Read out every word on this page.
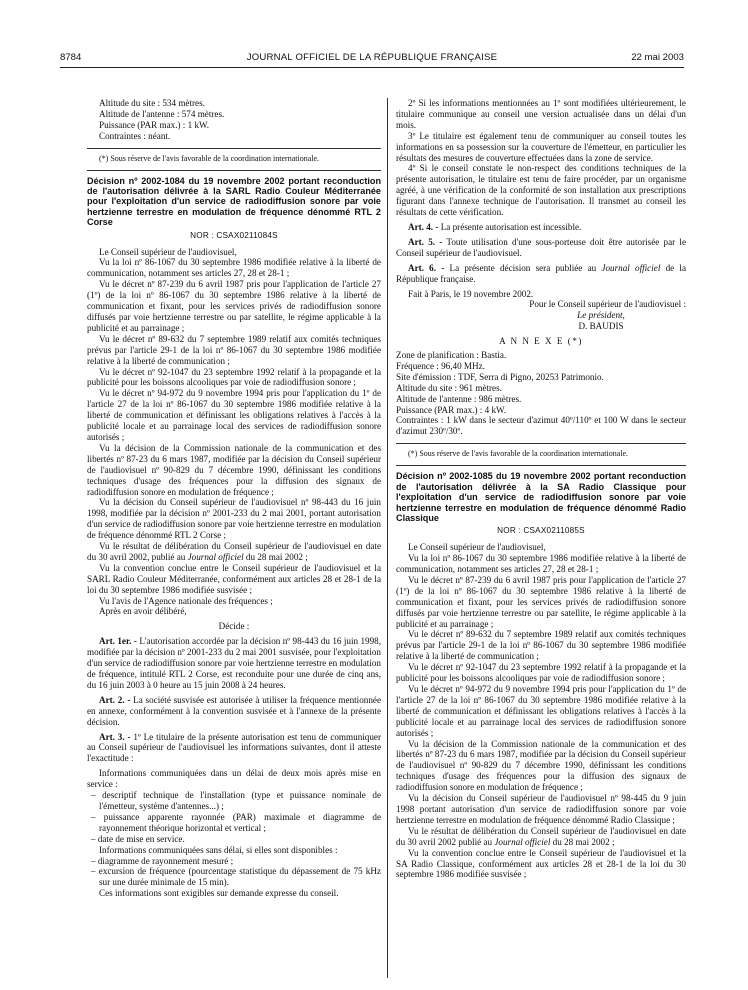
8784	JOURNAL OFFICIEL DE LA RÉPUBLIQUE FRANÇAISE	22 mai 2003

Altitude du site : 534 mètres.

Altitude de l'antenne : 574 mètres.

Puissance (PAR max.) : 1 kW.

Contraintes : néant.

(*) Sous réserve de l'avis favorable de la coordination internationale.

Décision nº 2002-1084 du 19 novembre 2002 portant reconduction de l'autorisation délivrée à la SARL Radio Couleur Méditerranée pour l'exploitation d'un service de radiodiffusion sonore par voie hertzienne terrestre en modulation de fréquence dénommé RTL 2 Corse

NOR : CSAX0211084S

Le Conseil supérieur de l'audiovisuel,

Vu la loi nº 86-1067 du 30 septembre 1986 modifiée relative à la liberté de communication, notamment ses articles 27, 28 et 28-1 ;

Vu le décret nº 87-239 du 6 avril 1987 pris pour l'application de l'article 27 (1º) de la loi nº 86-1067 du 30 septembre 1986 relative à la liberté de communication et fixant, pour les services privés de radiodiffusion sonore diffusés par voie hertzienne terrestre ou par satellite, le régime applicable à la publicité et au parrainage ;

Vu le décret nº 89-632 du 7 septembre 1989 relatif aux comités techniques prévus par l'article 29-1 de la loi nº 86-1067 du 30 septembre 1986 modifiée relative à la liberté de communication ;

Vu le décret nº 92-1047 du 23 septembre 1992 relatif à la propagande et la publicité pour les boissons alcooliques par voie de radiodiffusion sonore ;

Vu le décret nº 94-972 du 9 novembre 1994 pris pour l'application du 1º de l'article 27 de la loi nº 86-1067 du 30 septembre 1986 modifiée relative à la liberté de communication et définissant les obligations relatives à l'accès à la publicité locale et au parrainage local des services de radiodiffusion sonore autorisés ;

Vu la décision de la Commission nationale de la communication et des libertés nº 87-23 du 6 mars 1987, modifiée par la décision du Conseil supérieur de l'audiovisuel nº 90-829 du 7 décembre 1990, définissant les conditions techniques d'usage des fréquences pour la diffusion des signaux de radiodiffusion sonore en modulation de fréquence ;

Vu la décision du Conseil supérieur de l'audiovisuel nº 98-443 du 16 juin 1998, modifiée par la décision nº 2001-233 du 2 mai 2001, portant autorisation d'un service de radiodiffusion sonore par voie hertzienne terrestre en modulation de fréquence dénommé RTL 2 Corse ;

Vu le résultat de délibération du Conseil supérieur de l'audiovisuel en date du 30 avril 2002, publié au Journal officiel du 28 mai 2002 ;

Vu la convention conclue entre le Conseil supérieur de l'audiovisuel et la SARL Radio Couleur Méditerranée, conformément aux articles 28 et 28-1 de la loi du 30 septembre 1986 modifiée susvisée ;

Vu l'avis de l'Agence nationale des fréquences ;

Après en avoir délibéré,

Décide :

Art. 1er. - L'autorisation accordée par la décision nº 98-443 du 16 juin 1998, modifiée par la décision nº 2001-233 du 2 mai 2001 susvisée, pour l'exploitation d'un service de radiodiffusion sonore par voie hertzienne terrestre en modulation de fréquence, intitulé RTL 2 Corse, est reconduite pour une durée de cinq ans, du 16 juin 2003 à 0 heure au 15 juin 2008 à 24 heures.

Art. 2. - La société susvisée est autorisée à utiliser la fréquence mentionnée en annexe, conformément à la convention susvisée et à l'annexe de la présente décision.

Art. 3. - 1º Le titulaire de la présente autorisation est tenu de communiquer au Conseil supérieur de l'audiovisuel les informations suivantes, dont il atteste l'exactitude :

Informations communiquées dans un délai de deux mois après mise en service :

– descriptif technique de l'installation (type et puissance nominale de l'émetteur, système d'antennes...) ;

– puissance apparente rayonnée (PAR) maximale et diagramme de rayonnement théorique horizontal et vertical ;

– date de mise en service.

Informations communiquées sans délai, si elles sont disponibles :

– diagramme de rayonnement mesuré ;

– excursion de fréquence (pourcentage statistique du dépassement de 75 kHz sur une durée minimale de 15 min).

Ces informations sont exigibles sur demande expresse du conseil.

2º Si les informations mentionnées au 1º sont modifiées ultérieurement, le titulaire communique au conseil une version actualisée dans un délai d'un mois.

3º Le titulaire est également tenu de communiquer au conseil toutes les informations en sa possession sur la couverture de l'émetteur, en particulier les résultats des mesures de couverture effectuées dans la zone de service.

4º Si le conseil constate le non-respect des conditions techniques de la présente autorisation, le titulaire est tenu de faire procéder, par un organisme agréé, à une vérification de la conformité de son installation aux prescriptions figurant dans l'annexe technique de l'autorisation. Il transmet au conseil les résultats de cette vérification.

Art. 4. - La présente autorisation est incessible.

Art. 5. - Toute utilisation d'une sous-porteuse doit être autorisée par le Conseil supérieur de l'audiovisuel.

Art. 6. - La présente décision sera publiée au Journal officiel de la République française.

Fait à Paris, le 19 novembre 2002.

Pour le Conseil supérieur de l'audiovisuel :

Le président,

D. BAUDIS

A N N E X E (*)

Zone de planification : Bastia.

Fréquence : 96,40 MHz.

Site d'émission : TDF, Serra di Pigno, 20253 Patrimonio.

Altitude du site : 961 mètres.

Altitude de l'antenne : 986 mètres.

Puissance (PAR max.) : 4 kW.

Contraintes : 1 kW dans le secteur d'azimut 40º/110º et 100 W dans le secteur d'azimut 230º/30º.

(*) Sous réserve de l'avis favorable de la coordination internationale.

Décision nº 2002-1085 du 19 novembre 2002 portant reconduction de l'autorisation délivrée à la SA Radio Classique pour l'exploitation d'un service de radiodiffusion sonore par voie hertzienne terrestre en modulation de fréquence dénommé Radio Classique

NOR : CSAX0211085S

Le Conseil supérieur de l'audiovisuel,

Vu la loi nº 86-1067 du 30 septembre 1986 modifiée relative à la liberté de communication, notamment ses articles 27, 28 et 28-1 ;

Vu le décret nº 87-239 du 6 avril 1987 pris pour l'application de l'article 27 (1º) de la loi nº 86-1067 du 30 septembre 1986 relative à la liberté de communication et fixant, pour les services privés de radiodiffusion sonore diffusés par voie hertzienne terrestre ou par satellite, le régime applicable à la publicité et au parrainage ;

Vu le décret nº 89-632 du 7 septembre 1989 relatif aux comités techniques prévus par l'article 29-1 de la loi nº 86-1067 du 30 septembre 1986 modifiée relative à la liberté de communication ;

Vu le décret nº 92-1047 du 23 septembre 1992 relatif à la propagande et la publicité pour les boissons alcooliques par voie de radiodiffusion sonore ;

Vu le décret nº 94-972 du 9 novembre 1994 pris pour l'application du 1º de l'article 27 de la loi nº 86-1067 du 30 septembre 1986 modifiée relative à la liberté de communication et définissant les obligations relatives à l'accès à la publicité locale et au parrainage local des services de radiodiffusion sonore autorisés ;

Vu la décision de la Commission nationale de la communication et des libertés nº 87-23 du 6 mars 1987, modifiée par la décision du Conseil supérieur de l'audiovisuel nº 90-829 du 7 décembre 1990, définissant les conditions techniques d'usage des fréquences pour la diffusion des signaux de radiodiffusion sonore en modulation de fréquence ;

Vu la décision du Conseil supérieur de l'audiovisuel nº 98-445 du 9 juin 1998 portant autorisation d'un service de radiodiffusion sonore par voie hertzienne terrestre en modulation de fréquence dénommé Radio Classique ;

Vu le résultat de délibération du Conseil supérieur de l'audiovisuel en date du 30 avril 2002 publié au Journal officiel du 28 mai 2002 ;

Vu la convention conclue entre le Conseil supérieur de l'audiovisuel et la SA Radio Classique, conformément aux articles 28 et 28-1 de la loi du 30 septembre 1986 modifiée susvisée ;
